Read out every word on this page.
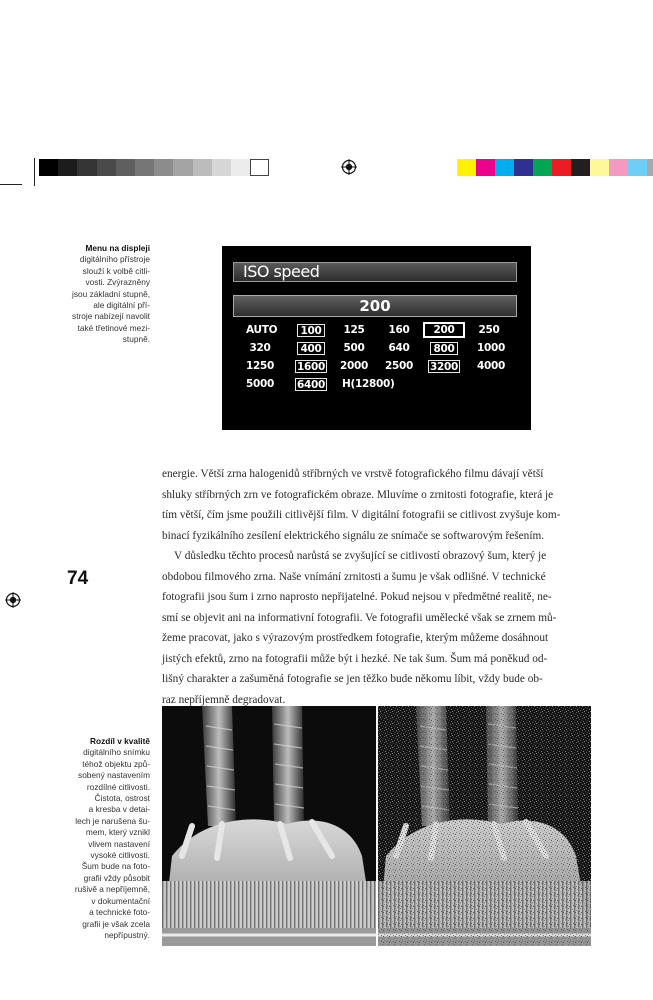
Menu na displeji
digitálního přístroje
slouží k volbě citli-
vosti. Zvýrazněny
jsou základní stupně,
ale digitální pří-
stroje nabízejí navolit
také třetinové mezi-
stupně.
ISO speed
200
AUTO	100	125	160	200	250
320	400	500	640	800	1000
1250 1600 2000 2500 3200 4000
5000 6400 H(12800)

energie. Větší zrna halogenidů stříbrných ve vrstvě fotografického filmu dávají větší
shluky stříbrných zrn ve fotografickém obraze. Mluvíme o zrnitosti fotografie, která je
tím větší, čím jsme použili citlivější film. V digitální fotografii se citlivost zvyšuje kom-
binací fyzikálního zesílení elektrického signálu ze snímače se softwarovým řešením.

V důsledku těchto procesů narůstá se zvyšující se citlivostí obrazový šum, který je
obdobou filmového zrna. Naše vnímání zrnitosti a šumu je však odlišné. V technické
fotografii jsou šum i zrno naprosto nepřijatelné. Pokud nejsou v předmětné realitě, ne-
smí se objevit ani na informativní fotografii. Ve fotografii umělecké však se zrnem mů-
žeme pracovat, jako s výrazovým prostředkem fotografie, kterým můžeme dosáhnout
jistých efektů, zrno na fotografii může být i hezké. Ne tak šum. Šum má poněkud od-
lišný charakter a zašuměná fotografie se jen těžko bude někomu líbit, vždy bude ob-
raz nepříjemně degradovat.

74
Rozdíl v kvalitě
digitálního snímku
téhož objektu způ-
sobený nastavením
rozdílné citlivosti.
Čistota, ostrost
a kresba v detai-
lech je narušena šu-
mem, který vznikl
vlivem nastavení
vysoké citlivosti.
Šum bude na foto-
grafii vždy působit
rušivě a nepříjemně,
v dokumentační
a technické foto-
grafii je však zcela
nepřípustný.
